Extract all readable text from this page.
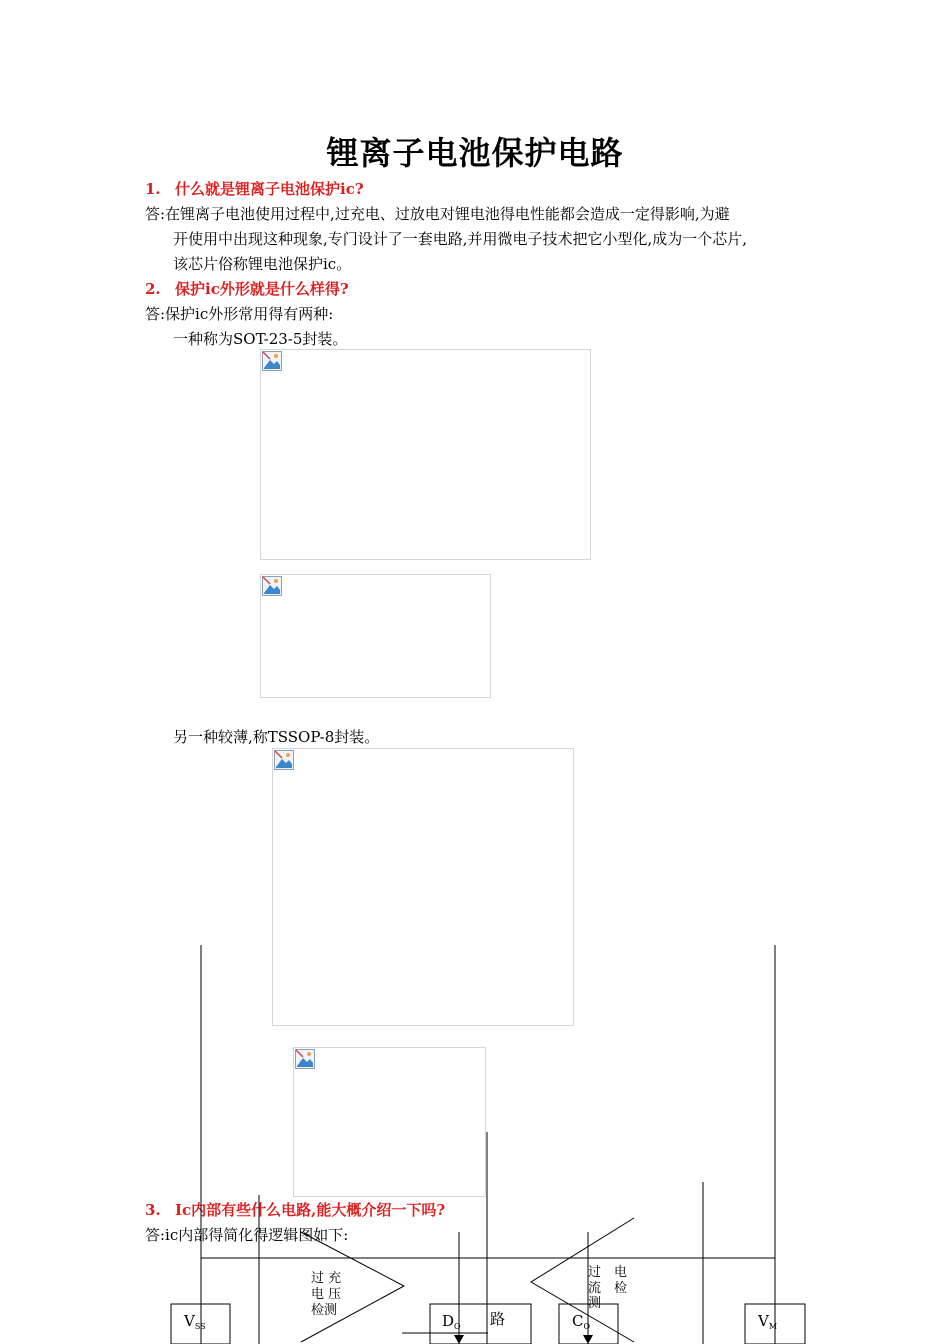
锂离子电池保护电路
1. 什么就是锂离子电池保护ic?
答:在锂离子电池使用过程中,过充电、过放电对锂电池得电性能都会造成一定得影响,为避
开使用中出现这种现象,专门设计了一套电路,并用微电子技术把它小型化,成为一个芯片,
该芯片俗称锂电池保护ic。
2. 保护ic外形就是什么样得?
答:保护ic外形常用得有两种:
一种称为SOT-23-5封装。
另一种较薄,称TSSOP-8封装。
3. Ic内部有些什么电路,能大概介绍一下吗?
答:ic内部得简化得逻辑图如下:
过 充
电 压
检测
过
流
测
电
检
$V_{SS}$	$D_O$ 路	$C_O$	$V_M$
